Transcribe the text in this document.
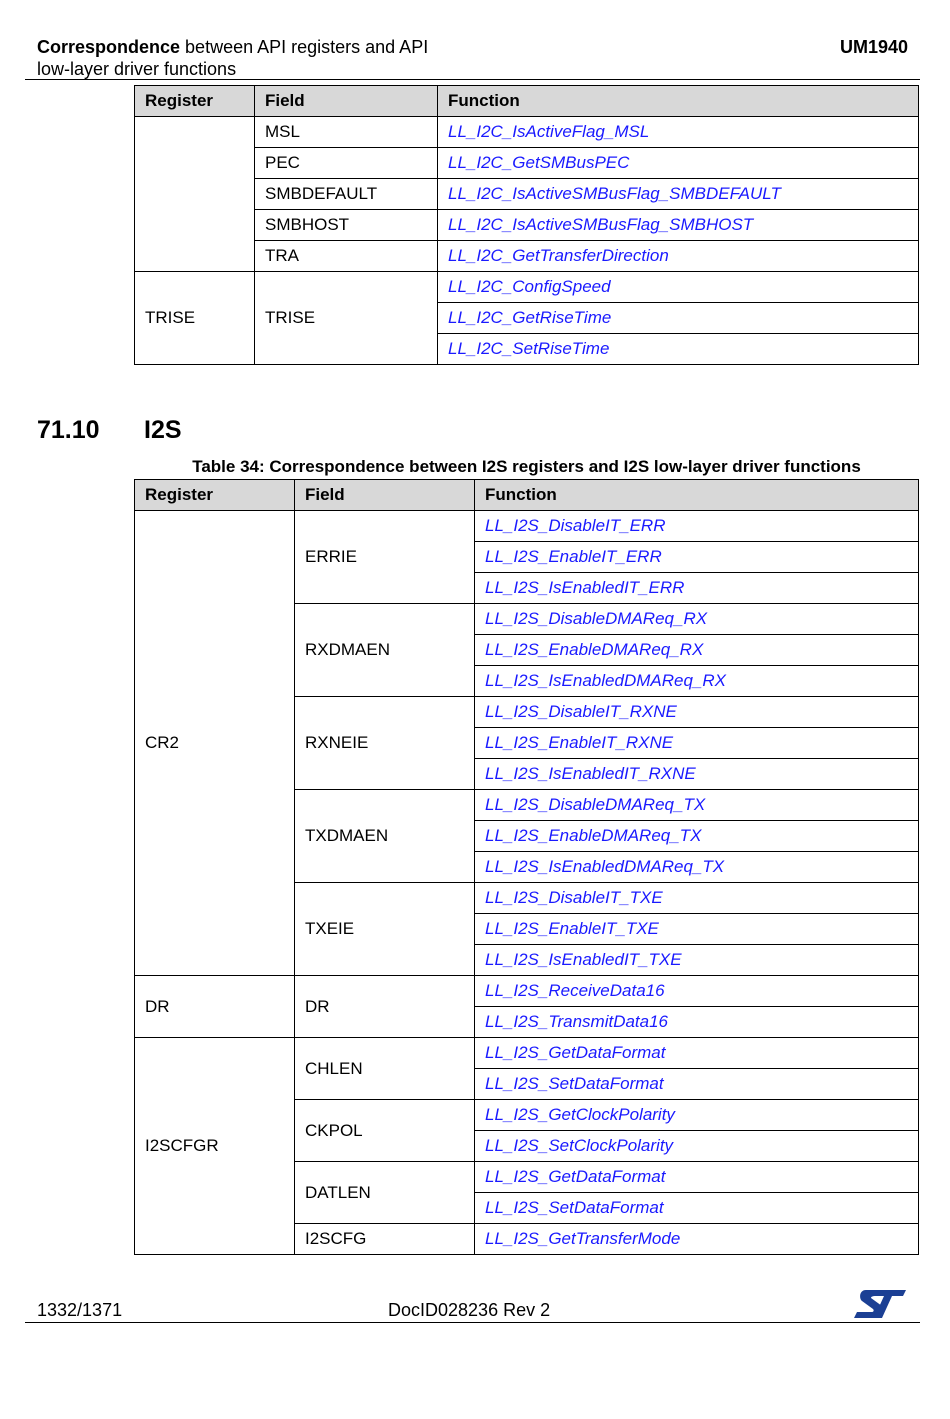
Correspondence between API registers and API
low-layer driver functions
UM1940
Register	Field	Function
	MSL	LL_I2C_IsActiveFlag_MSL
	PEC	LL_I2C_GetSMBusPEC
	SMBDEFAULT	LL_I2C_IsActiveSMBusFlag_SMBDEFAULT
	SMBHOST	LL_I2C_IsActiveSMBusFlag_SMBHOST
	TRA	LL_I2C_GetTransferDirection
TRISE	TRISE	LL_I2C_ConfigSpeed
		LL_I2C_GetRiseTime
		LL_I2C_SetRiseTime
71.10 I2S
Table 34: Correspondence between I2S registers and I2S low-layer driver functions
Register	Field	Function
CR2	ERRIE	LL_I2S_DisableIT_ERR
		LL_I2S_EnableIT_ERR
		LL_I2S_IsEnabledIT_ERR
	RXDMAEN	LL_I2S_DisableDMAReq_RX
		LL_I2S_EnableDMAReq_RX
		LL_I2S_IsEnabledDMAReq_RX
	RXNEIE	LL_I2S_DisableIT_RXNE
		LL_I2S_EnableIT_RXNE
		LL_I2S_IsEnabledIT_RXNE
	TXDMAEN	LL_I2S_DisableDMAReq_TX
		LL_I2S_EnableDMAReq_TX
		LL_I2S_IsEnabledDMAReq_TX
	TXEIE	LL_I2S_DisableIT_TXE
		LL_I2S_EnableIT_TXE
		LL_I2S_IsEnabledIT_TXE
DR	DR	LL_I2S_ReceiveData16
		LL_I2S_TransmitData16
I2SCFGR	CHLEN	LL_I2S_GetDataFormat
		LL_I2S_SetDataFormat
	CKPOL	LL_I2S_GetClockPolarity
		LL_I2S_SetClockPolarity
	DATLEN	LL_I2S_GetDataFormat
		LL_I2S_SetDataFormat
	I2SCFG	LL_I2S_GetTransferMode
1332/1371	DocID028236 Rev 2
